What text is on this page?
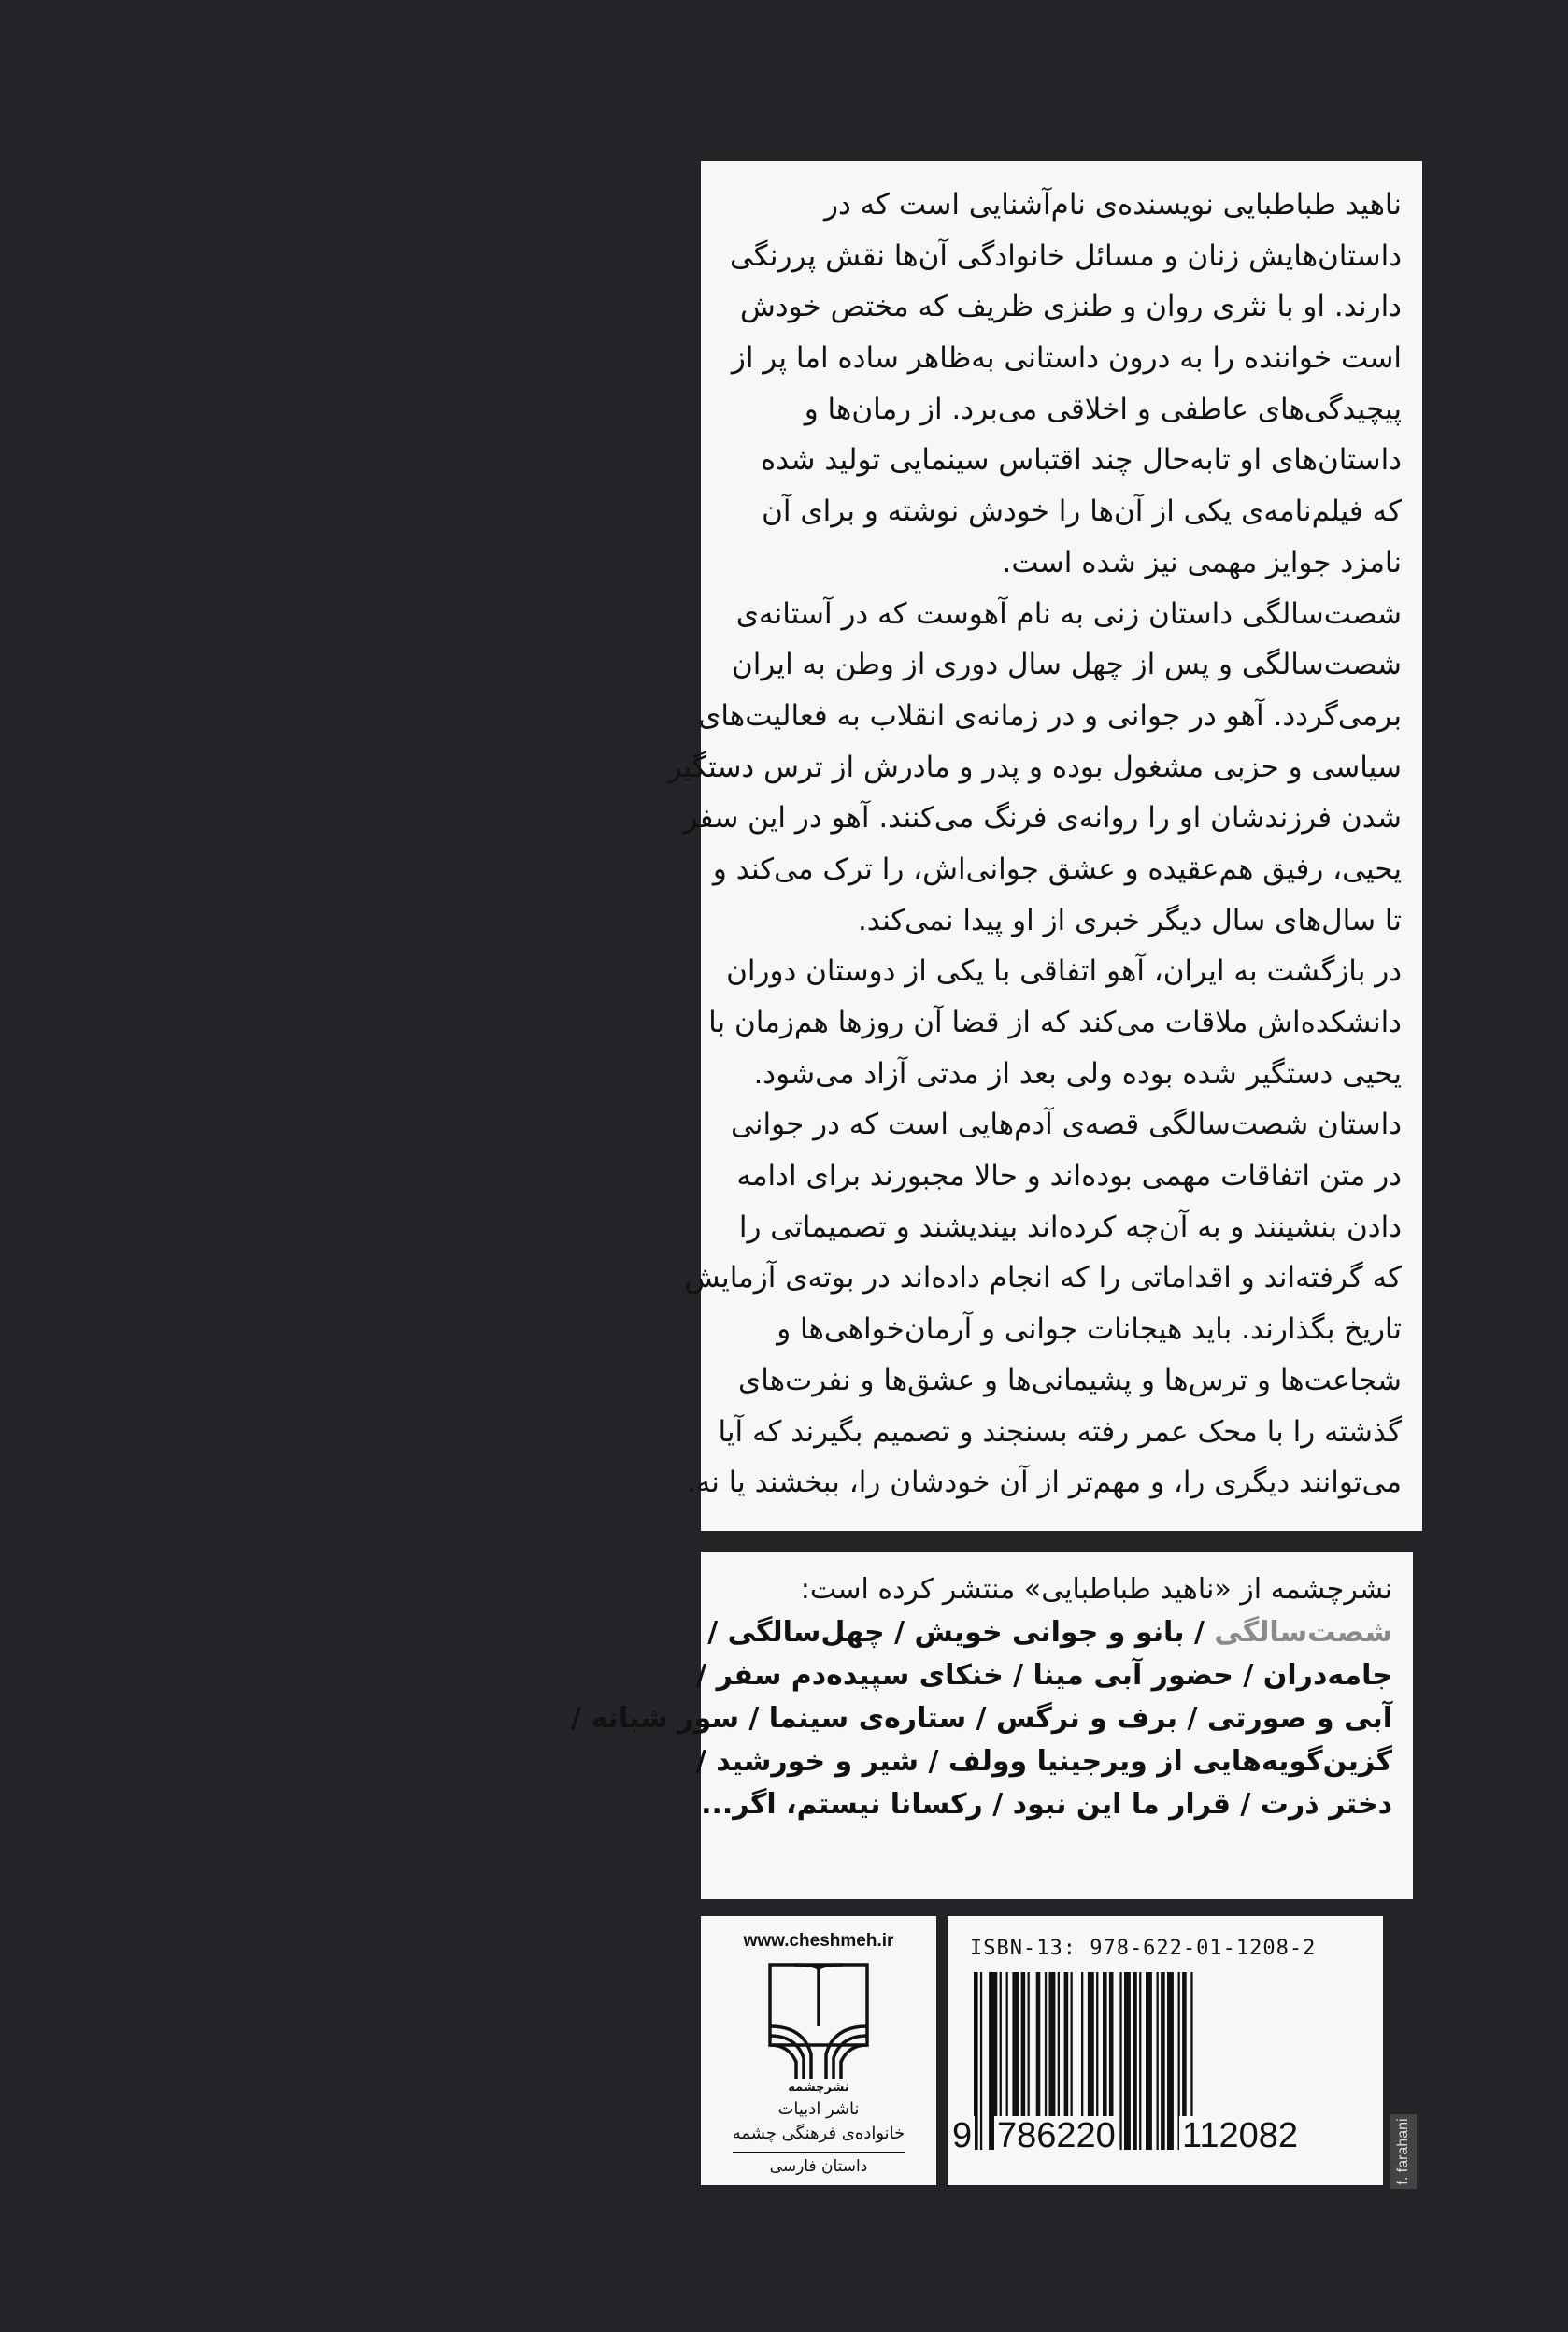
ناهید طباطبایی نویسنده‌ی نام‌آشنایی است که در
داستان‌هایش زنان و مسائل خانوادگی آن‌ها نقش پررنگی
دارند. او با نثری روان و طنزی ظریف که مختص خودش
است خواننده را به درون داستانی به‌ظاهر ساده اما پر از
پیچیدگی‌های عاطفی و اخلاقی می‌برد. از رمان‌ها و
داستان‌های او تابه‌حال چند اقتباس سینمایی تولید شده
که فیلم‌نامه‌ی یکی از آن‌ها را خودش نوشته و برای آن
نامزد جوایز مهمی نیز شده است.
شصت‌سالگی داستان زنی به نام آهوست که در آستانه‌ی
شصت‌سالگی و پس از چهل سال دوری از وطن به ایران
برمی‌گردد. آهو در جوانی و در زمانه‌ی انقلاب به فعالیت‌های
سیاسی و حزبی مشغول بوده و پدر و مادرش از ترس دستگیر
شدن فرزندشان او را روانه‌ی فرنگ می‌کنند. آهو در این سفر
یحیی، رفیق هم‌عقیده و عشق جوانی‌اش، را ترک می‌کند و
تا سال‌های سال دیگر خبری از او پیدا نمی‌کند.
در بازگشت به ایران، آهو اتفاقی با یکی از دوستان دوران
دانشکده‌اش ملاقات می‌کند که از قضا آن روزها هم‌زمان با
یحیی دستگیر شده بوده ولی بعد از مدتی آزاد می‌شود.
داستان شصت‌سالگی قصه‌ی آدم‌هایی است که در جوانی
در متن اتفاقات مهمی بوده‌اند و حالا مجبورند برای ادامه
دادن بنشینند و به آن‌چه کرده‌اند بیندیشند و تصمیماتی را
که گرفته‌اند و اقداماتی را که انجام داده‌اند در بوته‌ی آزمایش
تاریخ بگذارند. باید هیجانات جوانی و آرمان‌خواهی‌ها و
شجاعت‌ها و ترس‌ها و پشیمانی‌ها و عشق‌ها و نفرت‌های
گذشته را با محک عمر رفته بسنجند و تصمیم بگیرند که آیا
می‌توانند دیگری را، و مهم‌تر از آن خودشان را، ببخشند یا نه.
نشرچشمه از «ناهید طباطبایی» منتشر کرده است:
شصت‌سالگی / بانو و جوانی خویش / چهل‌سالگی /
جامه‌دران / حضور آبی مینا / خنکای سپیده‌دم سفر /
آبی و صورتی / برف و نرگس / ستاره‌ی سینما / سور شبانه /
گزین‌گویه‌هایی از ویرجینیا وولف / شیر و خورشید /
دختر ذرت / قرار ما این نبود / رکسانا نیستم، اگر...
www.cheshmeh.ir
نشرچشمه
ناشر ادبیات
خانواده‌ی فرهنگی چشمه
داستان فارسی
ISBN-13: 978-622-01-1208-2
9 786220 112082	f. farahani
